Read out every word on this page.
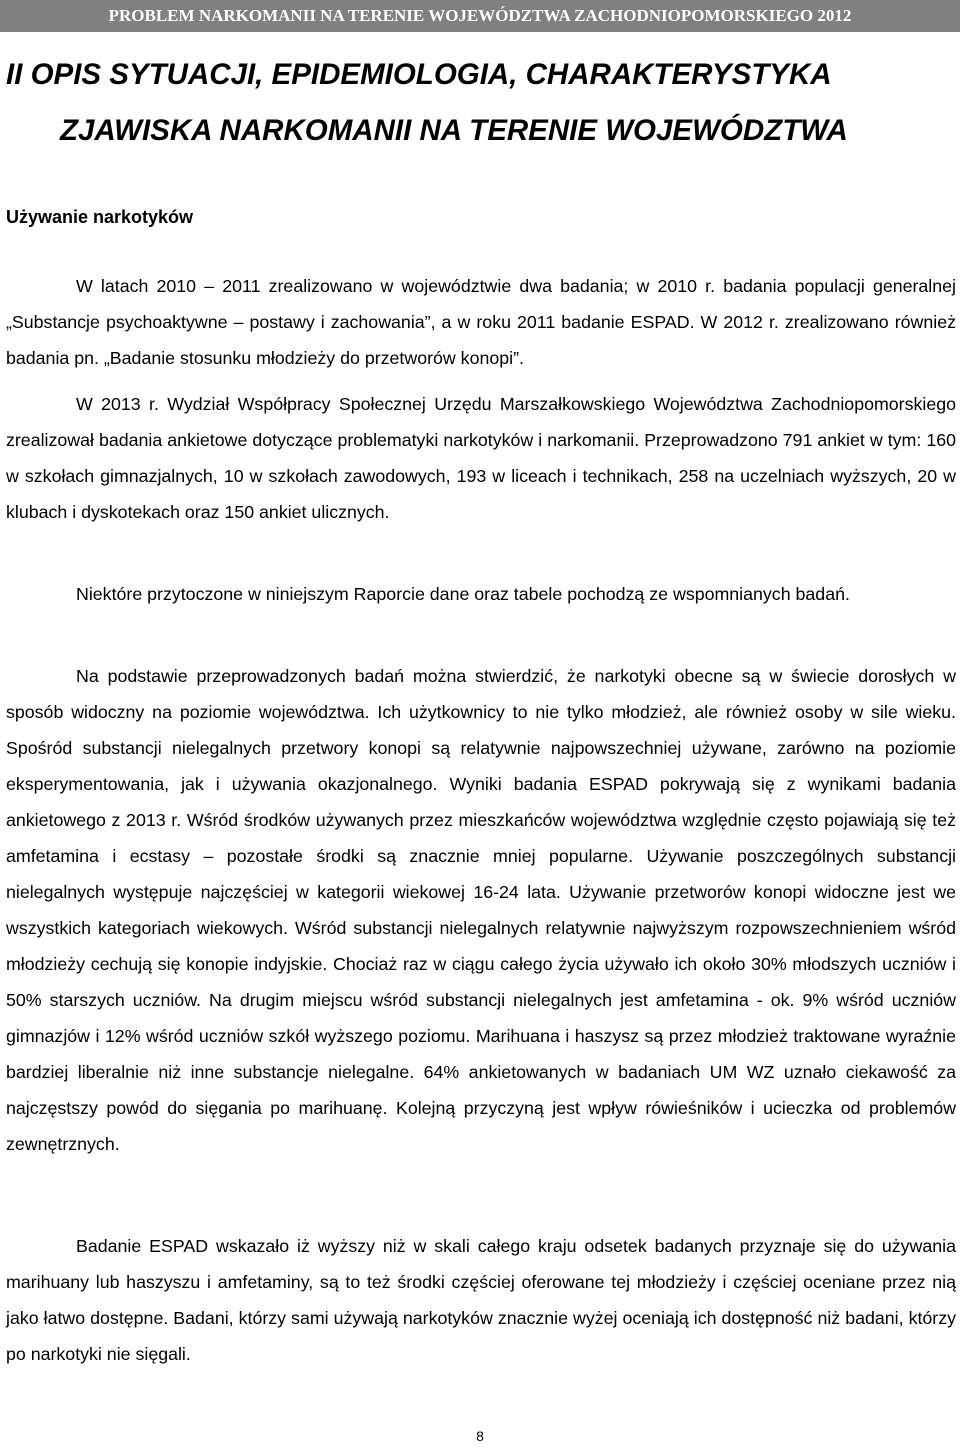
PROBLEM NARKOMANII NA TERENIE WOJEWÓDZTWA ZACHODNIOPOMORSKIEGO 2012
II OPIS SYTUACJI, EPIDEMIOLOGIA, CHARAKTERYSTYKA
ZJAWISKA NARKOMANII NA TERENIE WOJEWÓDZTWA
Używanie narkotyków

W latach 2010 – 2011 zrealizowano w województwie dwa badania; w 2010 r. badania populacji generalnej „Substancje psychoaktywne – postawy i zachowania”, a w roku 2011 badanie ESPAD. W 2012 r. zrealizowano również badania pn. „Badanie stosunku młodzieży do przetworów konopi”.

W 2013 r. Wydział Współpracy Społecznej Urzędu Marszałkowskiego Województwa Zachodniopomorskiego zrealizował badania ankietowe dotyczące problematyki narkotyków i narkomanii. Przeprowadzono 791 ankiet w tym: 160 w szkołach gimnazjalnych, 10 w szkołach zawodowych, 193 w liceach i technikach, 258 na uczelniach wyższych, 20 w klubach i dyskotekach oraz 150 ankiet ulicznych.

Niektóre przytoczone w niniejszym Raporcie dane oraz tabele pochodzą ze wspomnianych badań.

Na podstawie przeprowadzonych badań można stwierdzić, że narkotyki obecne są w świecie dorosłych w sposób widoczny na poziomie województwa. Ich użytkownicy to nie tylko młodzież, ale również osoby w sile wieku. Spośród substancji nielegalnych przetwory konopi są relatywnie najpowszechniej używane, zarówno na poziomie eksperymentowania, jak i używania okazjonalnego. Wyniki badania ESPAD pokrywają się z wynikami badania ankietowego z 2013 r. Wśród środków używanych przez mieszkańców województwa względnie często pojawiają się też amfetamina i ecstasy – pozostałe środki są znacznie mniej popularne. Używanie poszczególnych substancji nielegalnych występuje najczęściej w kategorii wiekowej 16-24 lata. Używanie przetworów konopi widoczne jest we wszystkich kategoriach wiekowych. Wśród substancji nielegalnych relatywnie najwyższym rozpowszechnieniem wśród młodzieży cechują się konopie indyjskie. Chociaż raz w ciągu całego życia używało ich około 30% młodszych uczniów i 50% starszych uczniów. Na drugim miejscu wśród substancji nielegalnych jest amfetamina - ok. 9% wśród uczniów gimnazjów i 12% wśród uczniów szkół wyższego poziomu. Marihuana i haszysz są przez młodzież traktowane wyraźnie bardziej liberalnie niż inne substancje nielegalne. 64% ankietowanych w badaniach UM WZ uznało ciekawość za najczęstszy powód do sięgania po marihuanę. Kolejną przyczyną jest wpływ rówieśników i ucieczka od problemów zewnętrznych.

Badanie ESPAD wskazało iż wyższy niż w skali całego kraju odsetek badanych przyznaje się do używania marihuany lub haszyszu i amfetaminy, są to też środki częściej oferowane tej młodzieży i częściej oceniane przez nią jako łatwo dostępne. Badani, którzy sami używają narkotyków znacznie wyżej oceniają ich dostępność niż badani, którzy po narkotyki nie sięgali.

8
